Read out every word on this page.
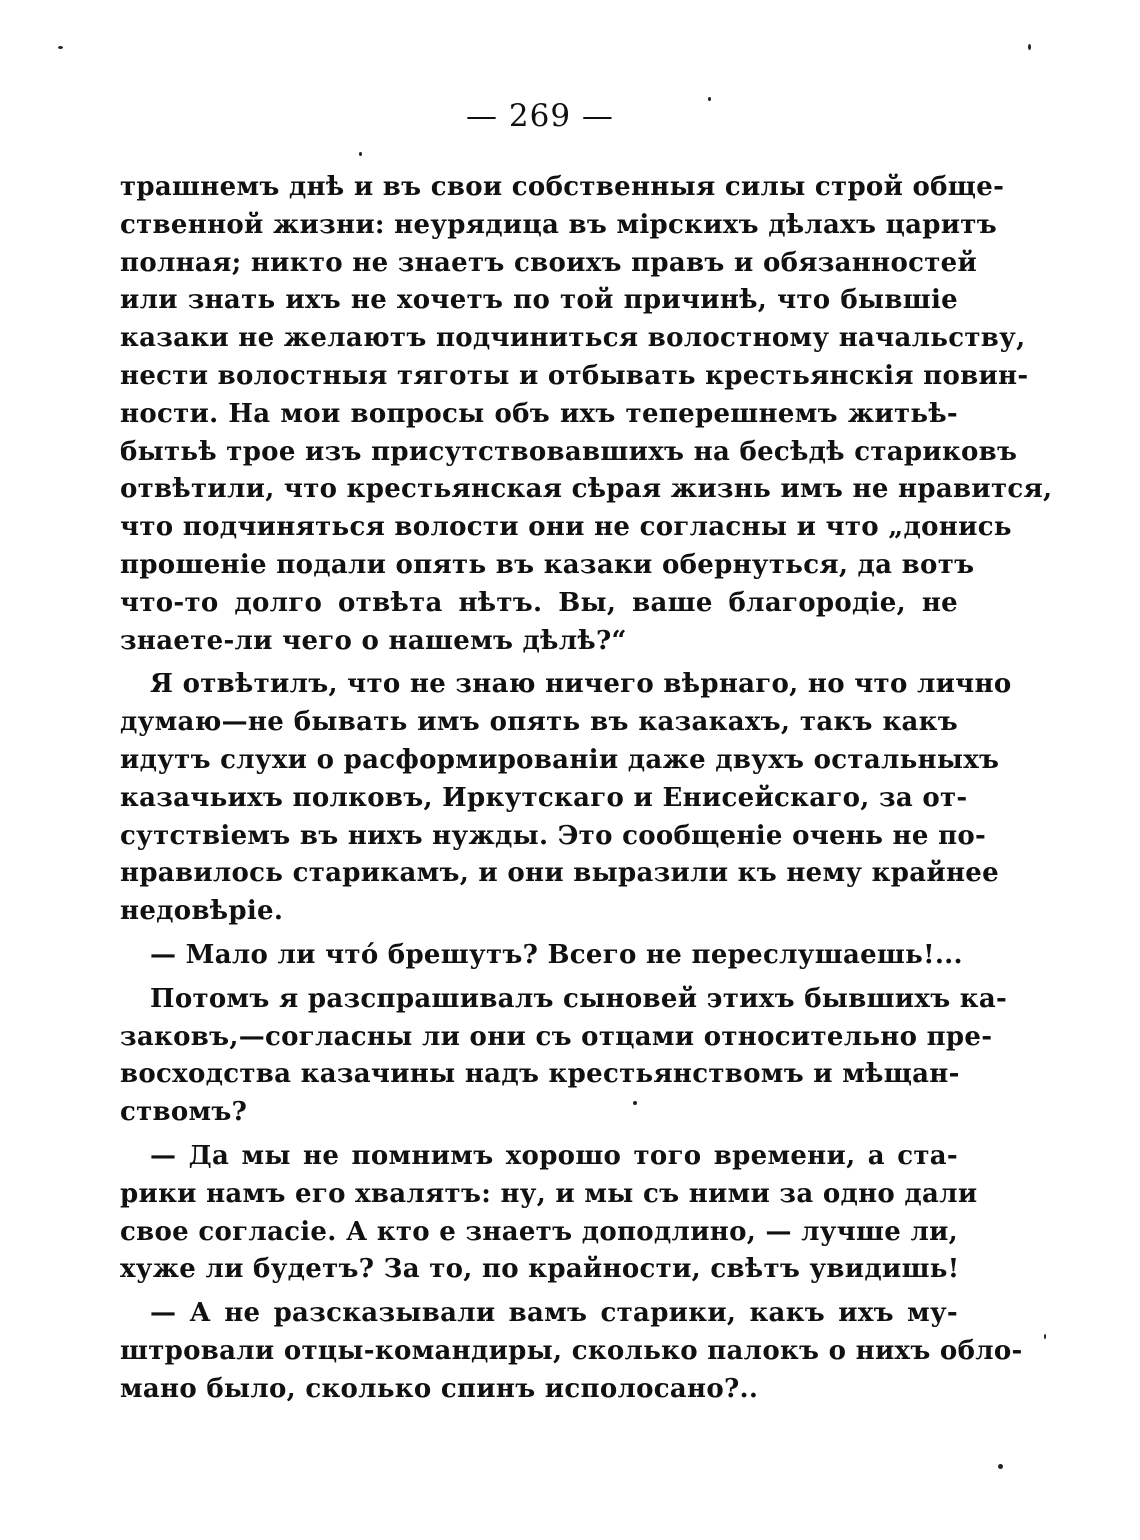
— 269 —
трашнемъ днѣ и въ свои собственныя силы строй обще-
ственной жизни: неурядица въ мірскихъ дѣлахъ царитъ
полная; никто не знаетъ своихъ правъ и обязанностей
или знать ихъ не хочетъ по той причинѣ, что бывшіе
казаки не желаютъ подчиниться волостному начальству,
нести волостныя тяготы и отбывать крестьянскія повин-
ности. На мои вопросы объ ихъ теперешнемъ житьѣ-
бытьѣ трое изъ присутствовавшихъ на бесѣдѣ стариковъ
отвѣтили, что крестьянская сѣрая жизнь имъ не нравится,
что подчиняться волости они не согласны и что „донись
прошеніе подали опять въ казаки обернуться, да вотъ
что-то долго отвѣта нѣтъ. Вы, ваше благородіе, не
знаете-ли чего о нашемъ дѣлѣ?“
Я отвѣтилъ, что не знаю ничего вѣрнаго, но что лично
думаю—не бывать имъ опять въ казакахъ, такъ какъ
идутъ слухи о расформированіи даже двухъ остальныхъ
казачьихъ полковъ, Иркутскаго и Енисейскаго, за от-
сутствіемъ въ нихъ нужды. Это сообщеніе очень не по-
нравилось старикамъ, и они выразили къ нему крайнее
недовѣріе.
— Мало ли что́ брешутъ? Всего не переслушаешь!...
Потомъ я разспрашивалъ сыновей этихъ бывшихъ ка-
заковъ,—согласны ли они съ отцами относительно пре-
восходства казачины надъ крестьянствомъ и мѣщан-
ствомъ?
— Да мы не помнимъ хорошо того времени, а ста-
рики намъ его хвалятъ: ну, и мы съ ними за одно дали
свое согласіе. А кто е знаетъ доподлино, — лучше ли,
хуже ли будетъ? За то, по крайности, свѣтъ увидишь!
— А не разсказывали вамъ старики, какъ ихъ му-
штровали отцы-командиры, сколько палокъ о нихъ обло-
мано было, сколько спинъ исполосано?..
